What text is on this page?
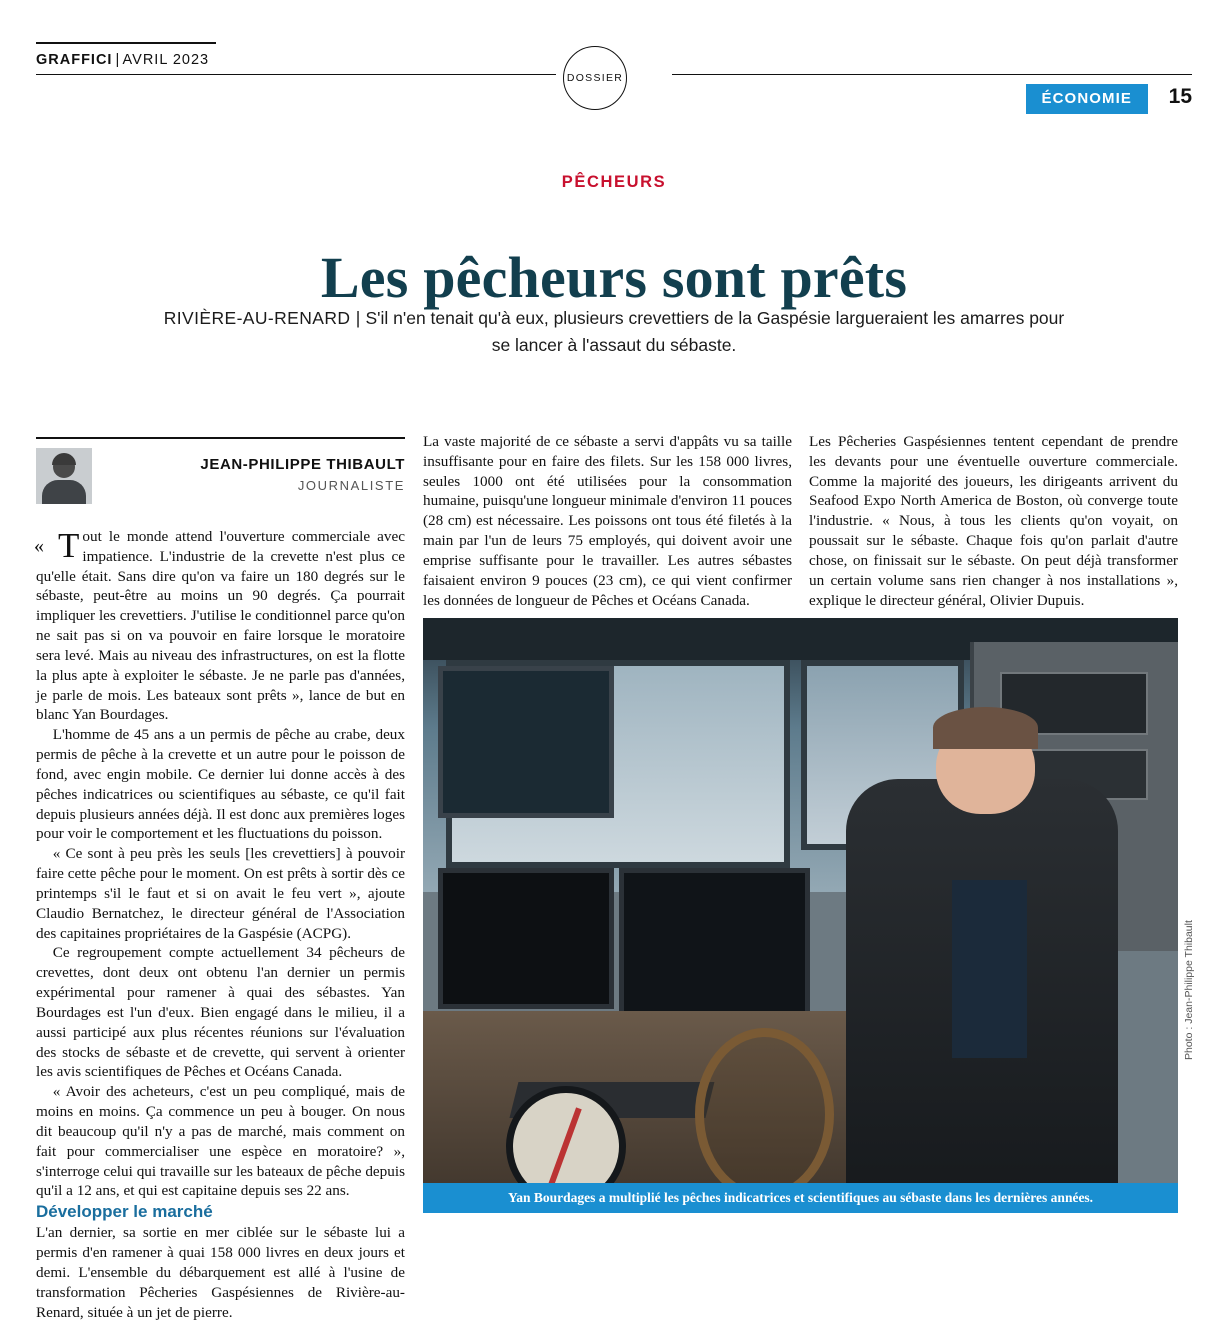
GRAFFICI | AVRIL 2023
DOSSIER
ÉCONOMIE	15
PÊCHEURS
Les pêcheurs sont prêts
RIVIÈRE-AU-RENARD | S'il n'en tenait qu'à eux, plusieurs crevettiers de la Gaspésie largueraient les amarres pour se lancer à l'assaut du sébaste.
JEAN-PHILIPPE THIBAULT
JOURNALISTE

« T out le monde attend l'ouverture commerciale avec impatience. L'industrie de la crevette n'est plus ce qu'elle était. Sans dire qu'on va faire un 180 degrés sur le sébaste, peut-être au moins un 90 degrés. Ça pourrait impliquer les crevettiers. J'utilise le conditionnel parce qu'on ne sait pas si on va pouvoir en faire lorsque le moratoire sera levé. Mais au niveau des infrastructures, on est la flotte la plus apte à exploiter le sébaste. Je ne parle pas d'années, je parle de mois. Les bateaux sont prêts », lance de but en blanc Yan Bourdages.

L'homme de 45 ans a un permis de pêche au crabe, deux permis de pêche à la crevette et un autre pour le poisson de fond, avec engin mobile. Ce dernier lui donne accès à des pêches indicatrices ou scientifiques au sébaste, ce qu'il fait depuis plusieurs années déjà. Il est donc aux premières loges pour voir le comportement et les fluctuations du poisson.

« Ce sont à peu près les seuls [les crevettiers] à pouvoir faire cette pêche pour le moment. On est prêts à sortir dès ce printemps s'il le faut et si on avait le feu vert », ajoute Claudio Bernatchez, le directeur général de l'Association des capitaines propriétaires de la Gaspésie (ACPG).

Ce regroupement compte actuellement 34 pêcheurs de crevettes, dont deux ont obtenu l'an dernier un permis expérimental pour ramener à quai des sébastes. Yan Bourdages est l'un d'eux. Bien engagé dans le milieu, il a aussi participé aux plus récentes réunions sur l'évaluation des stocks de sébaste et de crevette, qui servent à orienter les avis scientifiques de Pêches et Océans Canada.

« Avoir des acheteurs, c'est un peu compliqué, mais de moins en moins. Ça commence un peu à bouger. On nous dit beaucoup qu'il n'y a pas de marché, mais comment on fait pour commercialiser une espèce en moratoire? », s'interroge celui qui travaille sur les bateaux de pêche depuis qu'il a 12 ans, et qui est capitaine depuis ses 22 ans.

Développer le marché

L'an dernier, sa sortie en mer ciblée sur le sébaste lui a permis d'en ramener à quai 158 000 livres en deux jours et demi. L'ensemble du débarquement est allé à l'usine de transformation Pêcheries Gaspésiennes de Rivière-au-Renard, située à un jet de pierre.

La vaste majorité de ce sébaste a servi d'appâts vu sa taille insuffisante pour en faire des filets. Sur les 158 000 livres, seules 1000 ont été utilisées pour la consommation humaine, puisqu'une longueur minimale d'environ 11 pouces (28 cm) est nécessaire. Les poissons ont tous été filetés à la main par l'un de leurs 75 employés, qui doivent avoir une emprise suffisante pour le travailler. Les autres sébastes faisaient environ 9 pouces (23 cm), ce qui vient confirmer les données de longueur de Pêches et Océans Canada.

Les Pêcheries Gaspésiennes tentent cependant de prendre les devants pour une éventuelle ouverture commerciale. Comme la majorité des joueurs, les dirigeants arrivent du Seafood Expo North America de Boston, où converge toute l'industrie. « Nous, à tous les clients qu'on voyait, on poussait sur le sébaste. Chaque fois qu'on parlait d'autre chose, on finissait sur le sébaste. On peut déjà transformer un certain volume sans rien changer à nos installations », explique le directeur général, Olivier Dupuis.

Yan Bourdages a multiplié les pêches indicatrices et scientifiques au sébaste dans les dernières années.
Photo : Jean-Philippe Thibault
